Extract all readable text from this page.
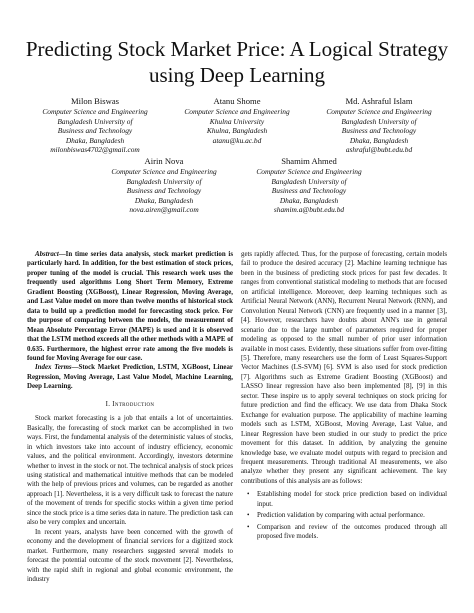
Predicting Stock Market Price: A Logical Strategy
using Deep Learning
Milon Biswas
Computer Science and Engineering
Bangladesh University of
Business and Technology
Dhaka, Bangladesh
milonbiswas4702@gmail.com
Atanu Shome
Computer Science and Engineering
Khulna University
Khulna, Bangladesh
atanu@ku.ac.bd
Md. Ashraful Islam
Computer Science and Engineering
Bangladesh University of
Business and Technology
Dhaka, Bangladesh
ashraful@bubt.edu.bd
Airin Nova
Computer Science and Engineering
Bangladesh University of
Business and Technology
Dhaka, Bangladesh
nova.airen@gmail.com
Shamim Ahmed
Computer Science and Engineering
Bangladesh University of
Business and Technology
Dhaka, Bangladesh
shamim.a@bubt.edu.bd

Abstract—In time series data analysis, stock market prediction is particularly hard. In addition, for the best estimation of stock prices, proper tuning of the model is crucial. This research work uses the frequently used algorithms Long Short Term Memory, Extreme Gradient Boosting (XGBoost), Linear Regression, Moving Average, and Last Value model on more than twelve months of historical stock data to build up a prediction model for forecasting stock price. For the purpose of comparing between the models, the measurement of Mean Absolute Percentage Error (MAPE) is used and it is observed that the LSTM method exceeds all the other methods with a MAPE of 0.635. Furthermore, the highest error rate among the five models is found for Moving Average for our case.

Index Terms—Stock Market Prediction, LSTM, XGBoost, Linear Regression, Moving Average, Last Value Model, Machine Learning, Deep Learning.

I. Introduction

Stock market forecasting is a job that entails a lot of uncertainties. Basically, the forecasting of stock market can be accomplished in two ways. First, the fundamental analysis of the deterministic values of stocks, in which investors take into account of industry efficiency, economic values, and the political environment. Accordingly, investors determine whether to invest in the stock or not. The technical analysis of stock prices using statistical and mathematical intuitive methods that can be modeled with the help of previous prices and volumes, can be regarded as another approach [1]. Nevertheless, it is a very difficult task to forecast the nature of the movement of trends for specific stocks within a given time period since the stock price is a time series data in nature. The prediction task can also be very complex and uncertain.

In recent years, analysts have been concerned with the growth of economy and the development of financial services for a digitized stock market. Furthermore, many researchers suggested several models to forecast the potential outcome of the stock movement [2]. Nevertheless, with the rapid shift in regional and global economic environment, the industry

gets rapidly affected. Thus, for the purpose of forecasting, certain models fail to produce the desired accuracy [2]. Machine learning technique has been in the business of predicting stock prices for past few decades. It ranges from conventional statistical modeling to methods that are focused on artificial intelligence. Moreover, deep learning techniques such as Artificial Neural Network (ANN), Recurrent Neural Network (RNN), and Convolution Neural Network (CNN) are frequently used in a manner [3], [4]. However, researchers have doubts about ANN's use in general scenario due to the large number of parameters required for proper modeling as opposed to the small number of prior user information available in most cases. Evidently, these situations suffer from over-fitting [5]. Therefore, many researchers use the form of Least Squares-Support Vector Machines (LS-SVM) [6]. SVM is also used for stock prediction [7]. Algorithms such as Extreme Gradient Boosting (XGBoost) and LASSO linear regression have also been implemented [8], [9] in this sector. These inspire us to apply several techniques on stock pricing for future prediction and find the efficacy. We use data from Dhaka Stock Exchange for evaluation purpose. The applicability of machine learning models such as LSTM, XGBoost, Moving Average, Last Value, and Linear Regression have been studied in our study to predict the price movement for this dataset. In addition, by analyzing the genuine knowledge base, we evaluate model outputs with regard to precision and frequent measurements. Through traditional AI measurements, we also analyze whether they present any significant achievement. The key contributions of this analysis are as follows:

• Establishing model for stock price prediction based on individual input.
• Prediction validation by comparing with actual performance.
• Comparison and review of the outcomes produced through all proposed five models.
